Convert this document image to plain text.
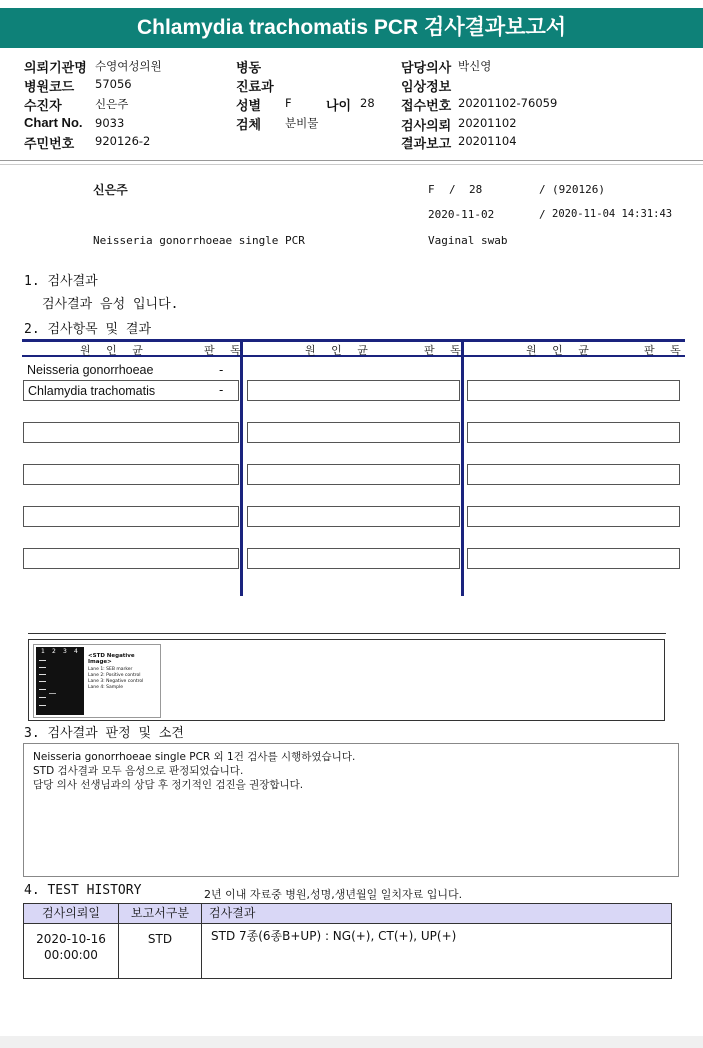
Chlamydia trachomatis PCR 검사결과보고서
의뢰기관명 수영여성의원
병원코드 57056
수진자	신은주
Chart No. 9033
주민번호 920126-2
병동
진료과
성별 F	나이 28
검체 분비물
담당의사 박신영
임상정보
접수번호 20201102-76059
검사의뢰 20201102
결과보고 20201104
신은주	F / 28	/ (920126)
2020-11-02	/ 2020-11-04 14:31:43
Neisseria gonorrhoeae single PCR	Vaginal swab
1. 검사결과
검사결과 음성 입니다.
2. 검사항목 및 결과
원 인 균	판 독	원 인 균	판 독	원 인 균	판 독
Neisseria gonorrhoeae	-
Chlamydia trachomatis	-
1 2 3 4
<STD Negative Image>
Lane 1: SEB marker
Lane 2: Positive control
Lane 3: Negative control
Lane 4: Sample
3. 검사결과 판정 및 소견
Neisseria gonorrhoeae single PCR 외 1건 검사를 시행하였습니다.
STD 검사결과 모두 음성으로 판정되었습니다.
담당 의사 선생님과의 상담 후 정기적인 검진을 권장합니다.
4. TEST HISTORY	2년 이내 자료중 병원,성명,생년월일 일치자료 입니다.
검사의뢰일	보고서구분	검사결과
2020-10-16
00:00:00
STD	STD 7종(6종B+UP) : NG(+), CT(+), UP(+)
